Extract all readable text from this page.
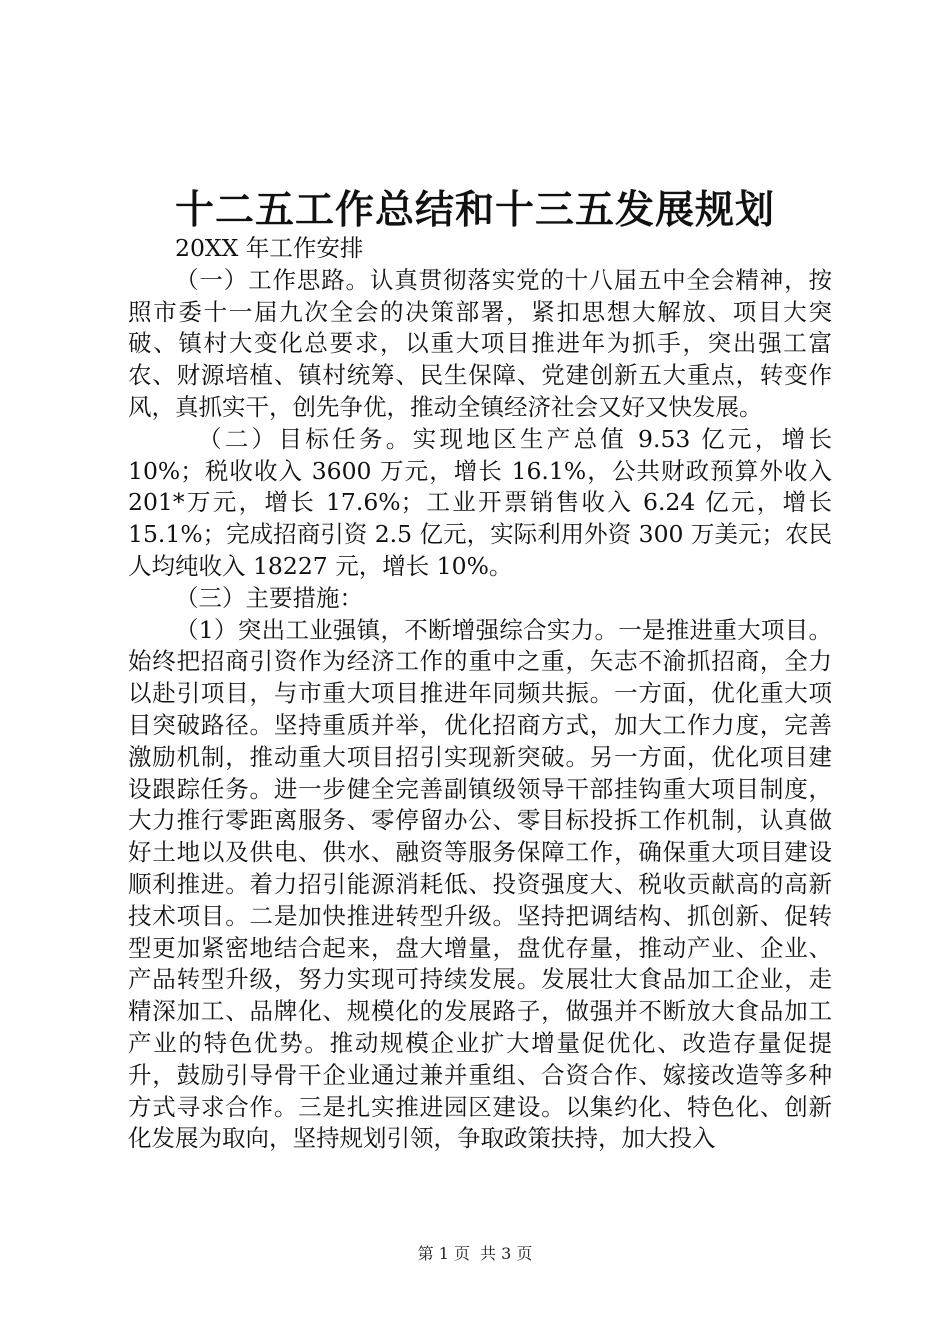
十二五工作总结和十三五发展规划

20XX 年工作安排

（一）工作思路。认真贯彻落实党的十八届五中全会精神，按照市委十一届九次全会的决策部署，紧扣思想大解放、项目大突破、镇村大变化总要求，以重大项目推进年为抓手，突出强工富农、财源培植、镇村统筹、民生保障、党建创新五大重点，转变作风，真抓实干，创先争优，推动全镇经济社会又好又快发展。

（二）目标任务。实现地区生产总值 9.53 亿元，增长 10%；税收收入 3600 万元，增长 16.1%，公共财政预算外收入 201*万元，增长 17.6%；工业开票销售收入 6.24 亿元，增长 15.1%；完成招商引资 2.5 亿元，实际利用外资 300 万美元；农民人均纯收入 18227 元，增长 10%。

（三）主要措施：

（1）突出工业强镇，不断增强综合实力。一是推进重大项目。始终把招商引资作为经济工作的重中之重，矢志不渝抓招商，全力以赴引项目，与市重大项目推进年同频共振。一方面，优化重大项目突破路径。坚持重质并举，优化招商方式，加大工作力度，完善激励机制，推动重大项目招引实现新突破。另一方面，优化项目建设跟踪任务。进一步健全完善副镇级领导干部挂钩重大项目制度，大力推行零距离服务、零停留办公、零目标投拆工作机制，认真做好土地以及供电、供水、融资等服务保障工作，确保重大项目建设顺利推进。着力招引能源消耗低、投资强度大、税收贡献高的高新技术项目。二是加快推进转型升级。坚持把调结构、抓创新、促转型更加紧密地结合起来，盘大增量，盘优存量，推动产业、企业、产品转型升级，努力实现可持续发展。发展壮大食品加工企业，走精深加工、品牌化、规模化的发展路子，做强并不断放大食品加工产业的特色优势。推动规模企业扩大增量促优化、改造存量促提升，鼓励引导骨干企业通过兼并重组、合资合作、嫁接改造等多种方式寻求合作。三是扎实推进园区建设。以集约化、特色化、创新化发展为取向，坚持规划引领，争取政策扶持，加大投入

第 1 页 共 3 页
